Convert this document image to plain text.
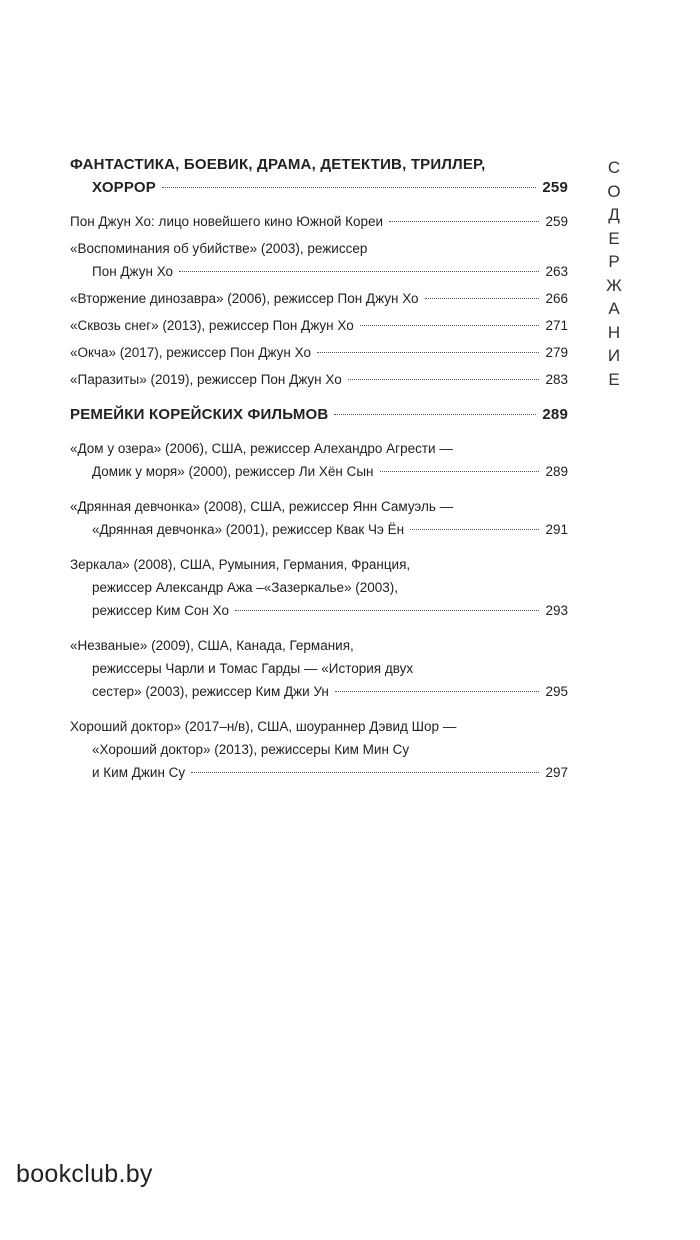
ФАНТАСТИКА, БОЕВИК, ДРАМА, ДЕТЕКТИВ, ТРИЛЛЕР,
ХОРРОР	259
Пон Джун Хо: лицо новейшего кино Южной Кореи	259
«Воспоминания об убийстве» (2003), режиссер
Пон Джун Хо	263
«Вторжение динозавра» (2006), режиссер Пон Джун Хо	266
«Сквозь снег» (2013), режиссер Пон Джун Хо	271
«Окча» (2017), режиссер Пон Джун Хо	279
«Паразиты» (2019), режиссер Пон Джун Хо	283
РЕМЕЙКИ КОРЕЙСКИХ ФИЛЬМОВ	289
«Дом у озера» (2006), США, режиссер Алехандро Агрести —
Домик у моря» (2000), режиссер Ли Хён Сын	289
«Дрянная девчонка» (2008), США, режиссер Янн Самуэль —
«Дрянная девчонка» (2001), режиссер Квак Чэ Ён	291
Зеркала» (2008), США, Румыния, Германия, Франция,
режиссер Александр Ажа –«Зазеркалье» (2003),
режиссер Ким Сон Хо	293
«Незваные» (2009), США, Канада, Германия,
режиссеры Чарли и Томас Гарды — «История двух
сестер» (2003), режиссер Ким Джи Ун	295
Хороший доктор» (2017–н/в), США, шоураннер Дэвид Шор —
«Хороший доктор» (2013), режиссеры Ким Мин Су
и Ким Джин Су	297
С
О
Д
Е
Р
Ж
А
Н
И
Е
bookclub.by
